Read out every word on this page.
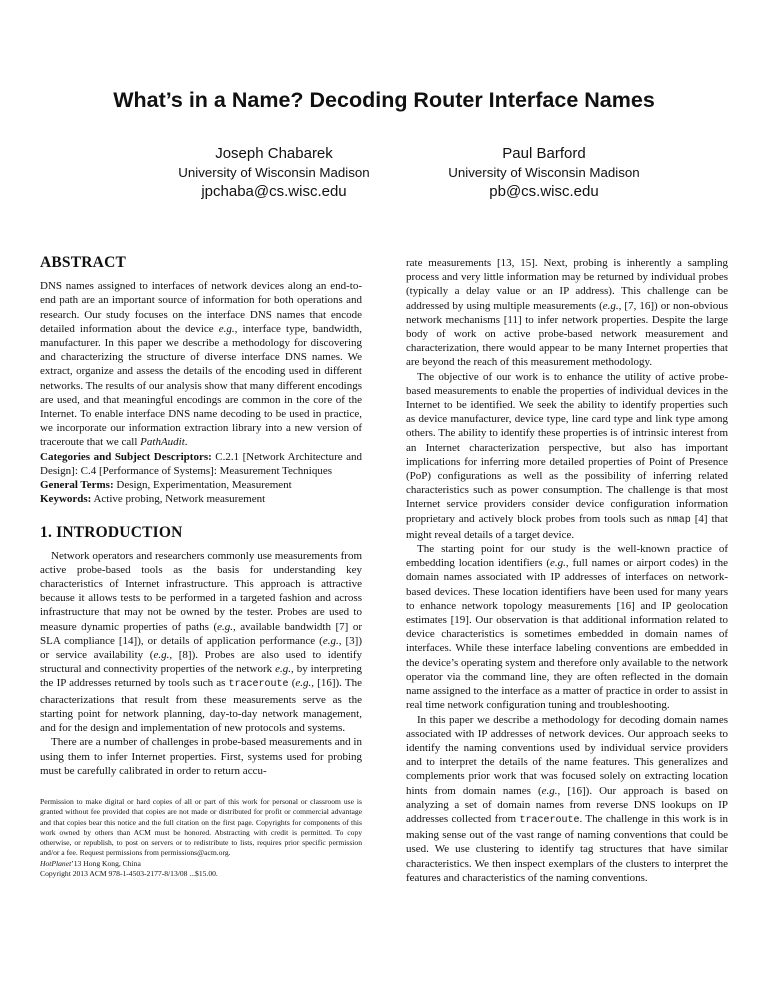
What’s in a Name? Decoding Router Interface Names
Joseph Chabarek
University of Wisconsin Madison
jpchaba@cs.wisc.edu
Paul Barford
University of Wisconsin Madison
pb@cs.wisc.edu
ABSTRACT

DNS names assigned to interfaces of network devices along an end-to-end path are an important source of information for both operations and research. Our study focuses on the interface DNS names that encode detailed information about the device e.g., interface type, bandwidth, manufacturer. In this paper we describe a methodology for discovering and characterizing the structure of diverse interface DNS names. We extract, organize and assess the details of the encoding used in different networks. The results of our analysis show that many different encodings are used, and that meaningful encodings are common in the core of the Internet. To enable interface DNS name decoding to be used in practice, we incorporate our information extraction library into a new version of traceroute that we call PathAudit.

Categories and Subject Descriptors: C.2.1 [Network Architecture and Design]: C.4 [Performance of Systems]: Measurement Techniques

General Terms: Design, Experimentation, Measurement

Keywords: Active probing, Network measurement

1. INTRODUCTION

Network operators and researchers commonly use measurements from active probe-based tools as the basis for understanding key characteristics of Internet infrastructure. This approach is attractive because it allows tests to be performed in a targeted fashion and across infrastructure that may not be owned by the tester. Probes are used to measure dynamic properties of paths (e.g., available bandwidth [7] or SLA compliance [14]), or details of application performance (e.g., [3]) or service availability (e.g., [8]). Probes are also used to identify structural and connectivity properties of the network e.g., by interpreting the IP addresses returned by tools such as traceroute (e.g., [16]). The characterizations that result from these measurements serve as the starting point for network planning, day-to-day network management, and for the design and implementation of new protocols and systems.

There are a number of challenges in probe-based measurements and in using them to infer Internet properties. First, systems used for probing must be carefully calibrated in order to return accu-

Permission to make digital or hard copies of all or part of this work for personal or classroom use is granted without fee provided that copies are not made or distributed for profit or commercial advantage and that copies bear this notice and the full citation on the first page. Copyrights for components of this work owned by others than ACM must be honored. Abstracting with credit is permitted. To copy otherwise, or republish, to post on servers or to redistribute to lists, requires prior specific permission and/or a fee. Request permissions from permissions@acm.org.

HotPlanet’13 Hong Kong, China

Copyright 2013 ACM 978-1-4503-2177-8/13/08 ...$15.00.

rate measurements [13, 15]. Next, probing is inherently a sampling process and very little information may be returned by individual probes (typically a delay value or an IP address). This challenge can be addressed by using multiple measurements (e.g., [7, 16]) or non-obvious network mechanisms [11] to infer network properties. Despite the large body of work on active probe-based network measurement and characterization, there would appear to be many Internet properties that are beyond the reach of this measurement methodology.

The objective of our work is to enhance the utility of active probe-based measurements to enable the properties of individual devices in the Internet to be identified. We seek the ability to identify properties such as device manufacturer, device type, line card type and link type among others. The ability to identify these properties is of intrinsic interest from an Internet characterization perspective, but also has important implications for inferring more detailed properties of Point of Presence (PoP) configurations as well as the possibility of inferring related characteristics such as power consumption. The challenge is that most Internet service providers consider device configuration information proprietary and actively block probes from tools such as nmap [4] that might reveal details of a target device.

The starting point for our study is the well-known practice of embedding location identifiers (e.g., full names or airport codes) in the domain names associated with IP addresses of interfaces on network-based devices. These location identifiers have been used for many years to enhance network topology measurements [16] and IP geolocation estimates [19]. Our observation is that additional information related to device characteristics is sometimes embedded in domain names of interfaces. While these interface labeling conventions are embedded in the device’s operating system and therefore only available to the network operator via the command line, they are often reflected in the domain name assigned to the interface as a matter of practice in order to assist in real time network configuration tuning and troubleshooting.

In this paper we describe a methodology for decoding domain names associated with IP addresses of network devices. Our approach seeks to identify the naming conventions used by individual service providers and to interpret the details of the name features. This generalizes and complements prior work that was focused solely on extracting location hints from domain names (e.g., [16]). Our approach is based on analyzing a set of domain names from reverse DNS lookups on IP addresses collected from traceroute. The challenge in this work is in making sense out of the vast range of naming conventions that could be used. We use clustering to identify tag structures that have similar characteristics. We then inspect exemplars of the clusters to interpret the features and characteristics of the naming conventions.
